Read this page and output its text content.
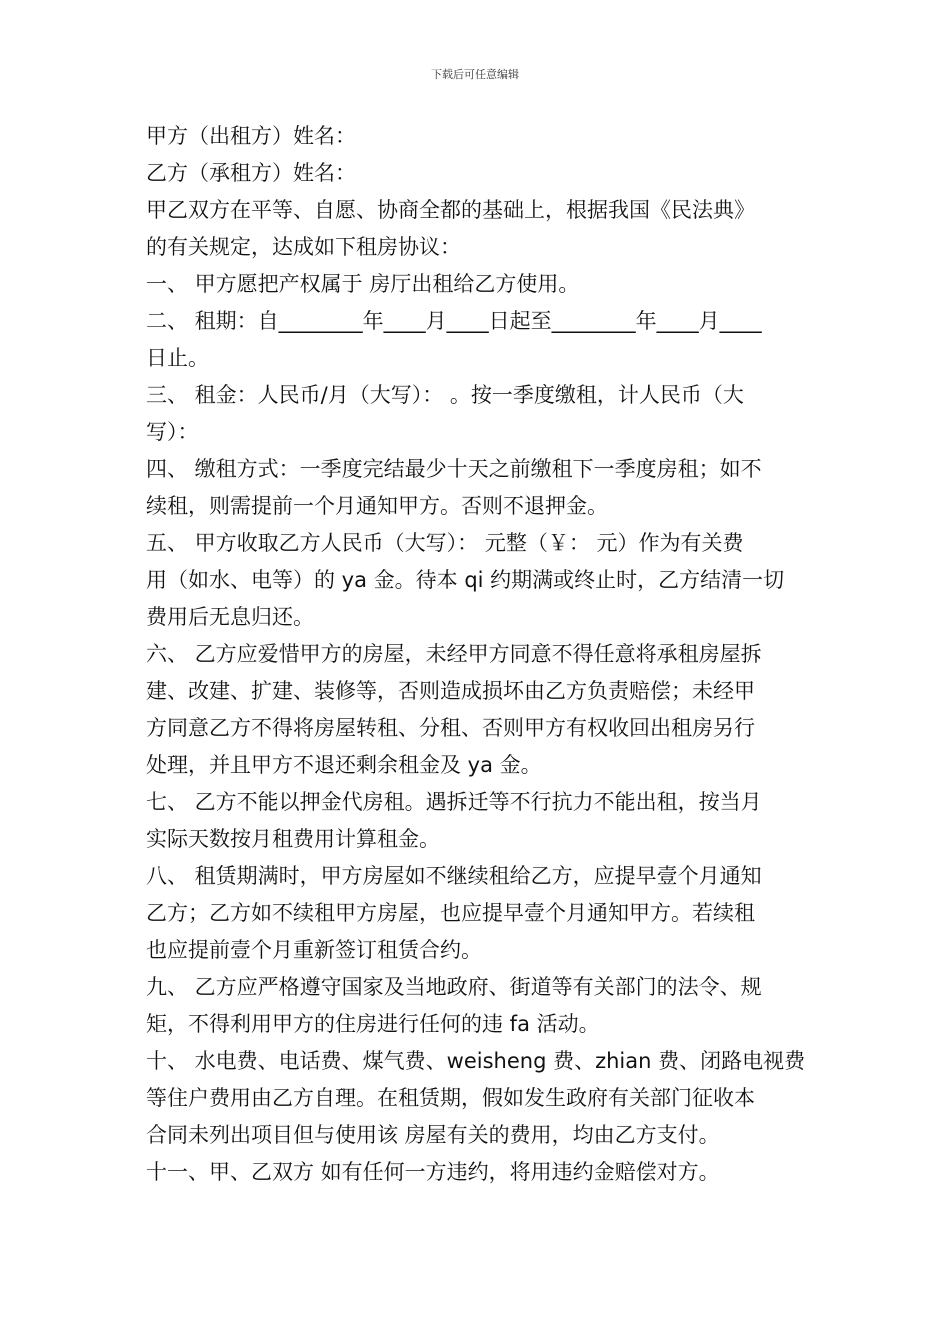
下载后可任意编辑
甲方（出租方）姓名：
乙方（承租方）姓名：
甲乙双方在平等、自愿、协商全都的基础上，根据我国《民法典》
的有关规定，达成如下租房协议：
一、 甲方愿把产权属于 房厅出租给乙方使用。
二、 租期：自________年____月____日起至________年____月____
日止。
三、 租金：人民币/月（大写）： 。按一季度缴租，计人民币（大
写）：
四、 缴租方式：一季度完结最少十天之前缴租下一季度房租；如不
续租，则需提前一个月通知甲方。否则不退押金。
五、 甲方收取乙方人民币（大写）： 元整（￥： 元）作为有关费
用（如水、电等）的 ya 金。待本 qi 约期满或终止时，乙方结清一切
费用后无息归还。
六、 乙方应爱惜甲方的房屋，未经甲方同意不得任意将承租房屋拆
建、改建、扩建、装修等，否则造成损坏由乙方负责赔偿；未经甲
方同意乙方不得将房屋转租、分租、否则甲方有权收回出租房另行
处理，并且甲方不退还剩余租金及 ya 金。
七、 乙方不能以押金代房租。遇拆迁等不行抗力不能出租，按当月
实际天数按月租费用计算租金。
八、 租赁期满时，甲方房屋如不继续租给乙方，应提早壹个月通知
乙方；乙方如不续租甲方房屋，也应提早壹个月通知甲方。若续租
也应提前壹个月重新签订租赁合约。
九、 乙方应严格遵守国家及当地政府、街道等有关部门的法令、规
矩，不得利用甲方的住房进行任何的违 fa 活动。
十、 水电费、电话费、煤气费、weisheng 费、zhian 费、闭路电视费
等住户费用由乙方自理。在租赁期，假如发生政府有关部门征收本
合同未列出项目但与使用该 房屋有关的费用，均由乙方支付。
十一、甲、乙双方 如有任何一方违约，将用违约金赔偿对方。
